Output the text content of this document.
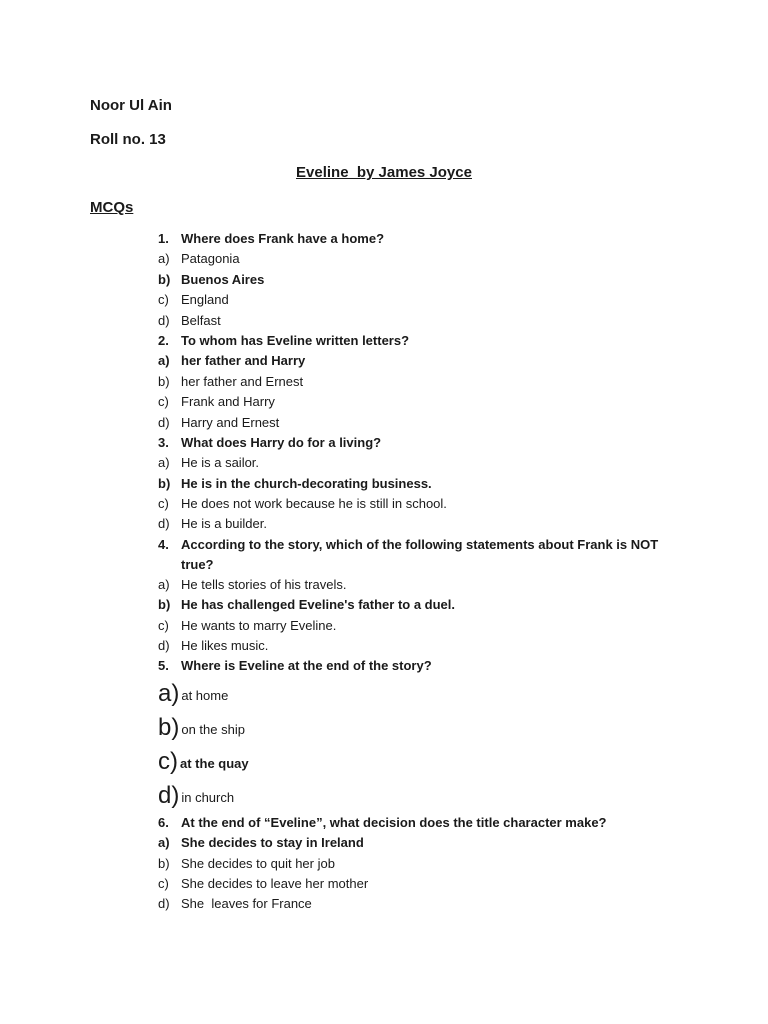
Noor Ul Ain
Roll no. 13
Eveline  by James Joyce
MCQs
1. Where does Frank have a home?
a) Patagonia
b) Buenos Aires
c) England
d) Belfast
2. To whom has Eveline written letters?
a) her father and Harry
b) her father and Ernest
c) Frank and Harry
d) Harry and Ernest
3. What does Harry do for a living?
a) He is a sailor.
b) He is in the church-decorating business.
c) He does not work because he is still in school.
d) He is a builder.
4. According to the story, which of the following statements about Frank is NOT true?
a) He tells stories of his travels.
b) He has challenged Eveline's father to a duel.
c) He wants to marry Eveline.
d) He likes music.
5. Where is Eveline at the end of the story?
a) at home
b) on the ship
c) at the quay
d) in church
6. At the end of “Eveline”, what decision does the title character make?
a) She decides to stay in Ireland
b) She decides to quit her job
c) She decides to leave her mother
d) She  leaves for France
